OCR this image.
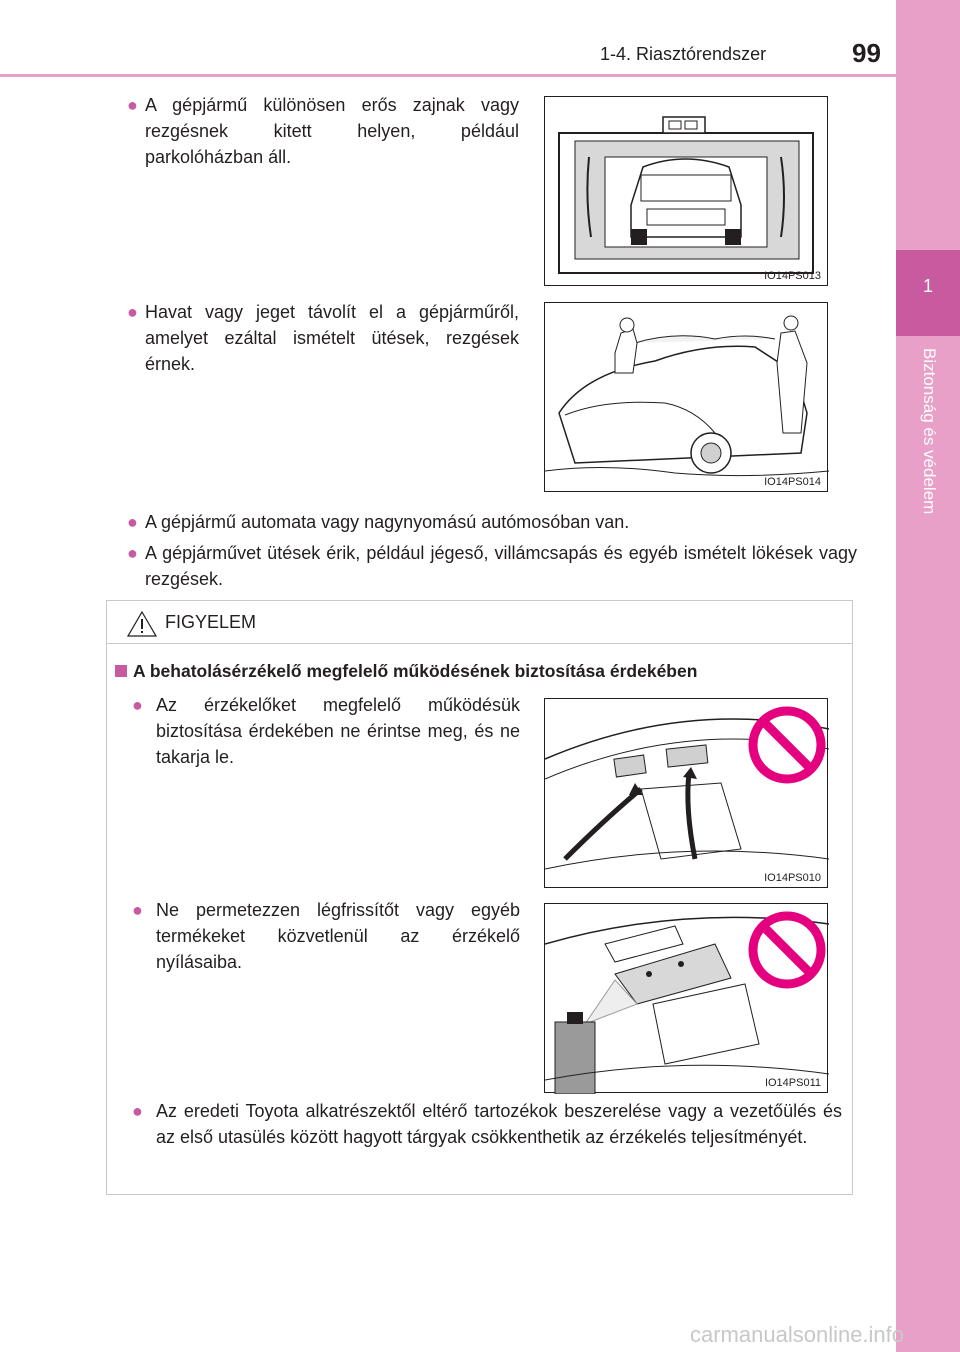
1-4. Riasztórendszer	99
1
Biztonság és védelem
● A gépjármű különösen erős zajnak vagy rezgésnek kitett helyen, például parkolóházban áll.
IO14PS013
● Havat vagy jeget távolít el a gépjárműről, amelyet ezáltal ismételt ütések, rezgések érnek.
IO14PS014
● A gépjármű automata vagy nagynyomású autómosóban van.
● A gépjárművet ütések érik, például jégeső, villámcsapás és egyéb ismételt lökések vagy rezgések.
FIGYELEM
A behatolásérzékelő megfelelő működésének biztosítása érdekében
● Az érzékelőket megfelelő működésük biztosítása érdekében ne érintse meg, és ne takarja le.
IO14PS010
● Ne permetezzen légfrissítőt vagy egyéb termékeket közvetlenül az érzékelő nyílásaiba.
IO14PS011
● Az eredeti Toyota alkatrészektől eltérő tartozékok beszerelése vagy a vezetőülés és az első utasülés között hagyott tárgyak csökkenthetik az érzékelés teljesítményét.
carmanualsonline.info
